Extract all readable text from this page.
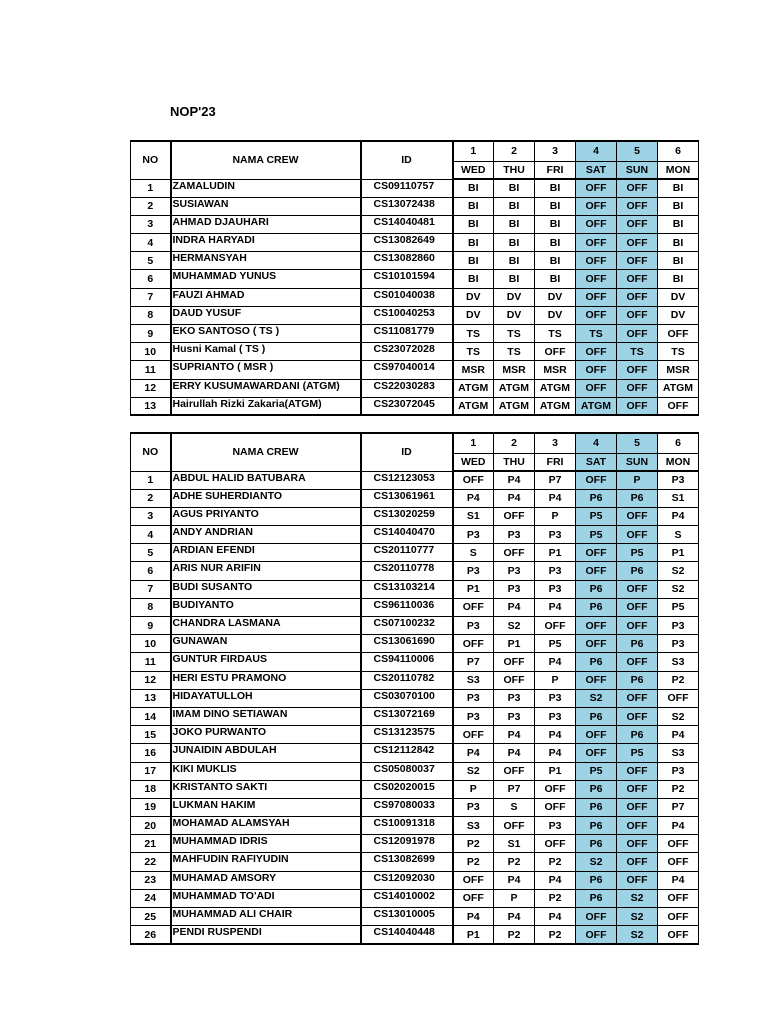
NOP'23
NO	NAMA CREW	ID	1	2	3	4	5	6
			WED	THU	FRI	SAT	SUN	MON
1	ZAMALUDIN	CS09110757	BI	BI	BI	OFF	OFF	BI
2	SUSIAWAN	CS13072438	BI	BI	BI	OFF	OFF	BI
3	AHMAD DJAUHARI	CS14040481	BI	BI	BI	OFF	OFF	BI
4	INDRA HARYADI	CS13082649	BI	BI	BI	OFF	OFF	BI
5	HERMANSYAH	CS13082860	BI	BI	BI	OFF	OFF	BI
6	MUHAMMAD YUNUS	CS10101594	BI	BI	BI	OFF	OFF	BI
7	FAUZI AHMAD	CS01040038	DV	DV	DV	OFF	OFF	DV
8	DAUD YUSUF	CS10040253	DV	DV	DV	OFF	OFF	DV
9	EKO SANTOSO ( TS )	CS11081779	TS	TS	TS	TS	OFF	OFF
10	Husni Kamal ( TS )	CS23072028	TS	TS	OFF	OFF	TS	TS
11	SUPRIANTO ( MSR )	CS97040014	MSR	MSR	MSR	OFF	OFF	MSR
12	ERRY KUSUMAWARDANI (ATGM)	CS22030283	ATGM	ATGM	ATGM	OFF	OFF	ATGM
13	Hairullah Rizki Zakaria(ATGM)	CS23072045	ATGM	ATGM	ATGM	ATGM	OFF	OFF
NO	NAMA CREW	ID	1	2	3	4	5	6
			WED	THU	FRI	SAT	SUN	MON
1	ABDUL HALID BATUBARA	CS12123053	OFF	P4	P7	OFF	P	P3
2	ADHE SUHERDIANTO	CS13061961	P4	P4	P4	P6	P6	S1
3	AGUS PRIYANTO	CS13020259	S1	OFF	P	P5	OFF	P4
4	ANDY ANDRIAN	CS14040470	P3	P3	P3	P5	OFF	S
5	ARDIAN EFENDI	CS20110777	S	OFF	P1	OFF	P5	P1
6	ARIS NUR ARIFIN	CS20110778	P3	P3	P3	OFF	P6	S2
7	BUDI SUSANTO	CS13103214	P1	P3	P3	P6	OFF	S2
8	BUDIYANTO	CS96110036	OFF	P4	P4	P6	OFF	P5
9	CHANDRA LASMANA	CS07100232	P3	S2	OFF	OFF	OFF	P3
10	GUNAWAN	CS13061690	OFF	P1	P5	OFF	P6	P3
11	GUNTUR FIRDAUS	CS94110006	P7	OFF	P4	P6	OFF	S3
12	HERI ESTU PRAMONO	CS20110782	S3	OFF	P	OFF	P6	P2
13	HIDAYATULLOH	CS03070100	P3	P3	P3	S2	OFF	OFF
14	IMAM DINO SETIAWAN	CS13072169	P3	P3	P3	P6	OFF	S2
15	JOKO PURWANTO	CS13123575	OFF	P4	P4	OFF	P6	P4
16	JUNAIDIN ABDULAH	CS12112842	P4	P4	P4	OFF	P5	S3
17	KIKI MUKLIS	CS05080037	S2	OFF	P1	P5	OFF	P3
18	KRISTANTO SAKTI	CS02020015	P	P7	OFF	P6	OFF	P2
19	LUKMAN HAKIM	CS97080033	P3	S	OFF	P6	OFF	P7
20	MOHAMAD ALAMSYAH	CS10091318	S3	OFF	P3	P6	OFF	P4
21	MUHAMMAD IDRIS	CS12091978	P2	S1	OFF	P6	OFF	OFF
22	MAHFUDIN RAFIYUDIN	CS13082699	P2	P2	P2	S2	OFF	OFF
23	MUHAMAD AMSORY	CS12092030	OFF	P4	P4	P6	OFF	P4
24	MUHAMMAD TO'ADI	CS14010002	OFF	P	P2	P6	S2	OFF
25	MUHAMMAD ALI CHAIR	CS13010005	P4	P4	P4	OFF	S2	OFF
26	PENDI RUSPENDI	CS14040448	P1	P2	P2	OFF	S2	OFF
